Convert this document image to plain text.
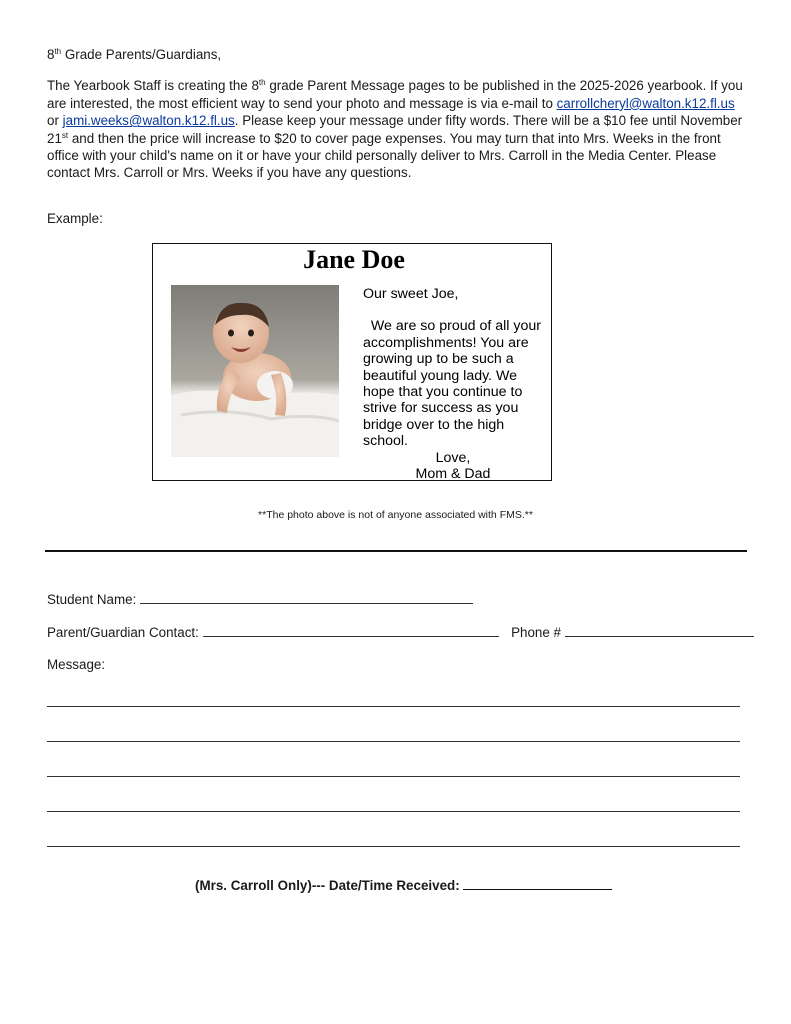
8th Grade Parents/Guardians,

The Yearbook Staff is creating the 8th grade Parent Message pages to be published in the 2025-2026 yearbook. If you are interested, the most efficient way to send your photo and message is via e-mail to carrollcheryl@walton.k12.fl.us or jami.weeks@walton.k12.fl.us. Please keep your message under fifty words. There will be a $10 fee until November 21st and then the price will increase to $20 to cover page expenses. You may turn that into Mrs. Weeks in the front office with your child's name on it or have your child personally deliver to Mrs. Carroll in the Media Center. Please contact Mrs. Carroll or Mrs. Weeks if you have any questions.

Example:
Jane Doe

Our sweet Joe,

We are so proud of all your accomplishments! You are growing up to be such a beautiful young lady. We hope that you continue to strive for success as you bridge over to the high school.

Love,

Mom & Dad

**The photo above is not of anyone associated with FMS.**
Student Name:
Parent/Guardian Contact:	Phone #
Message:
(Mrs. Carroll Only)--- Date/Time Received:
